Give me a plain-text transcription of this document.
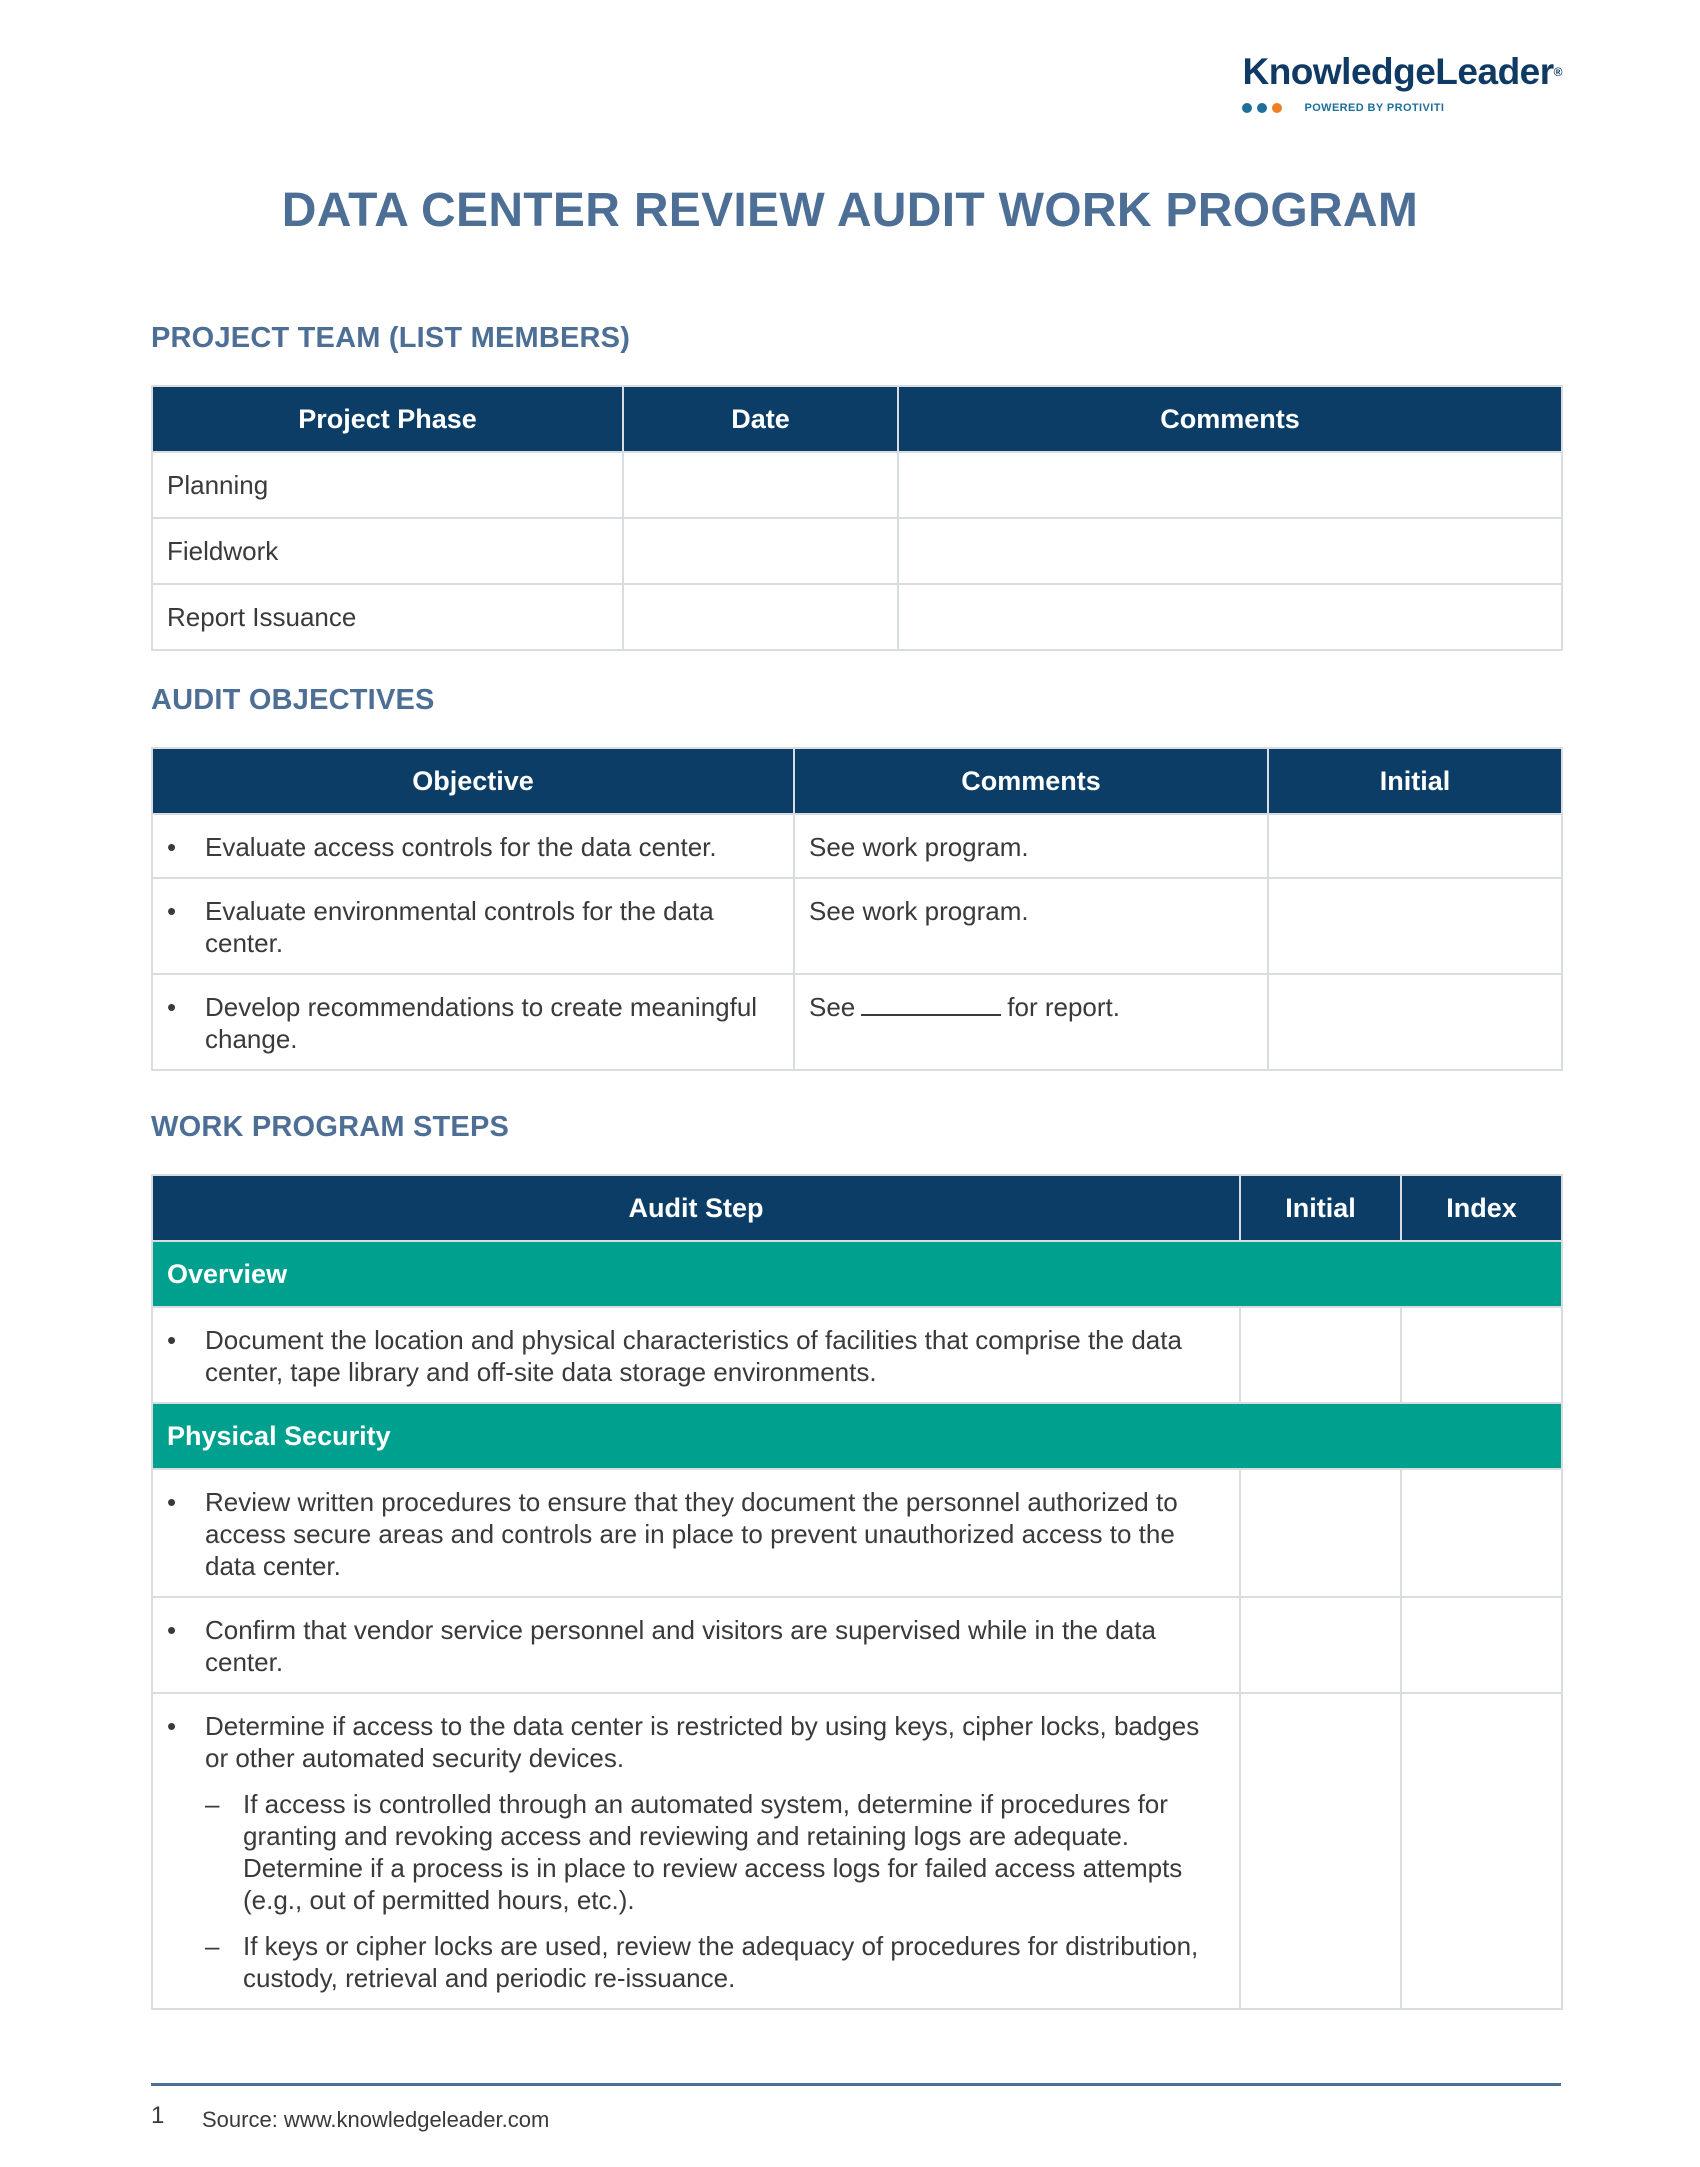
KnowledgeLeader®
POWERED BY PROTIVITI
DATA CENTER REVIEW AUDIT WORK PROGRAM
PROJECT TEAM (LIST MEMBERS)
Project Phase	Date	Comments
Planning		
Fieldwork		
Report Issuance		
AUDIT OBJECTIVES
Objective	Comments	Initial

• Evaluate access controls for the data center.	See work program.	

• Evaluate environmental controls for the data center.	See work program.	

• Develop recommendations to create meaningful change.	See for report.	
WORK PROGRAM STEPS
Audit Step	Initial	Index
Overview		

• Document the location and physical characteristics of facilities that comprise the data center, tape library and off-site data storage environments.

Physical Security		

• Review written procedures to ensure that they document the personnel authorized to access secure areas and controls are in place to prevent unauthorized access to the data center.

• Confirm that vendor service personnel and visitors are supervised while in the data center.

• Determine if access to the data center is restricted by using keys, cipher locks, badges or other automated security devices.
– If access is controlled through an automated system, determine if procedures for granting and revoking access and reviewing and retaining logs are adequate. Determine if a process is in place to review access logs for failed access attempts (e.g., out of permitted hours, etc.).
– If keys or cipher locks are used, review the adequacy of procedures for distribution, custody, retrieval and periodic re-issuance.

1 Source: www.knowledgeleader.com
